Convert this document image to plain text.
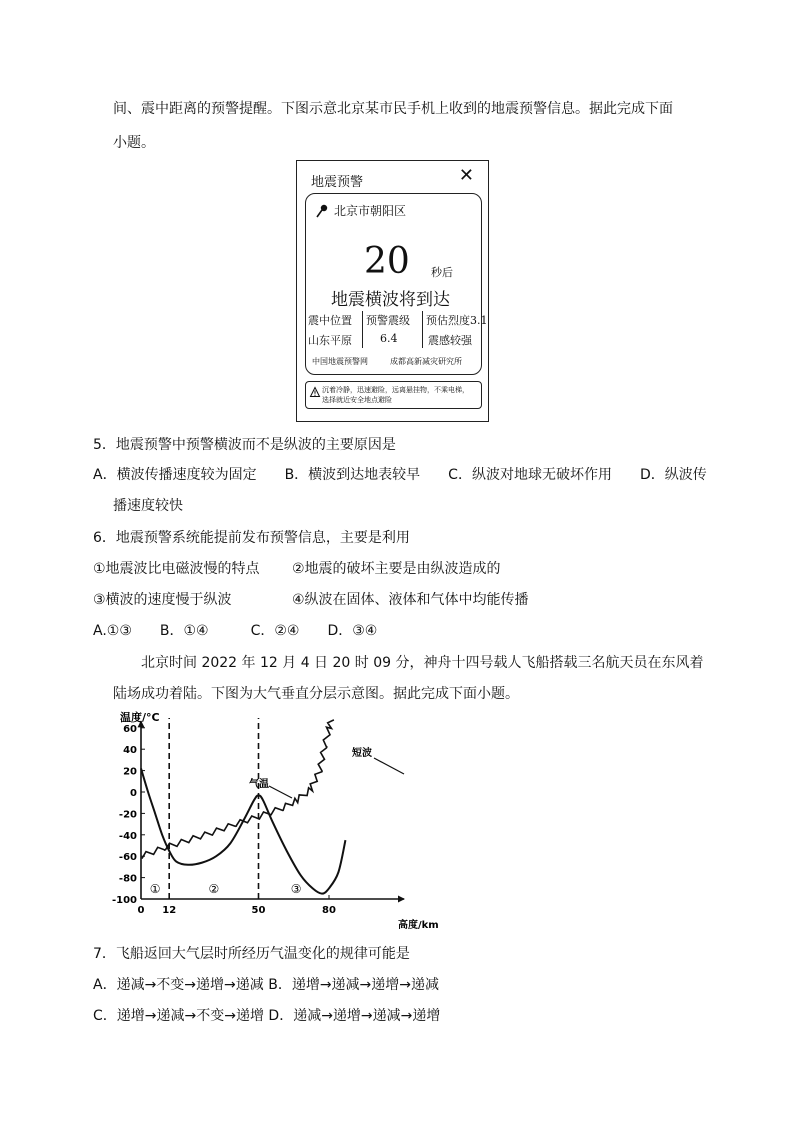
间、震中距离的预警提醒。下图示意北京某市民手机上收到的地震预警信息。据此完成下面
小题。
地震预警	✕
北京市朝阳区
20 秒后
地震横波将到达
震中位置 预警震级 预估烈度3.1
山东平原	6.4	震感较强
中国地震预警网	成都高新减灾研究所
沉着冷静，迅速避险，远离悬挂物，不乘电梯，
选择就近安全地点避险
5．地震预警中预警横波而不是纵波的主要原因是
A．横波传播速度较为固定　　B．横波到达地表较早　　C．纵波对地球无破坏作用　　D．纵波传
播速度较快
6．地震预警系统能提前发布预警信息，主要是利用
①地震波比电磁波慢的特点 ②地震的破坏主要是由纵波造成的
③横波的速度慢于纵波	④纵波在固体、液体和气体中均能传播
A.①③　　B．①④　　　C．②④　　D．③④
北京时间 2022 年 12 月 4 日 20 时 09 分，神舟十四号载人飞船搭载三名航天员在东风着
陆场成功着陆。下图为大气垂直分层示意图。据此完成下面小题。
60
40
20
0
-20
-40
-60
-80
-100
0 12	50	80
①	②	③
温度/°C
高度/km
气温
短波
7．飞船返回大气层时所经历气温变化的规律可能是
A．递减→不变→递增→递减 B．递增→递减→递增→递减
C．递增→递减→不变→递增 D．递减→递增→递减→递增
